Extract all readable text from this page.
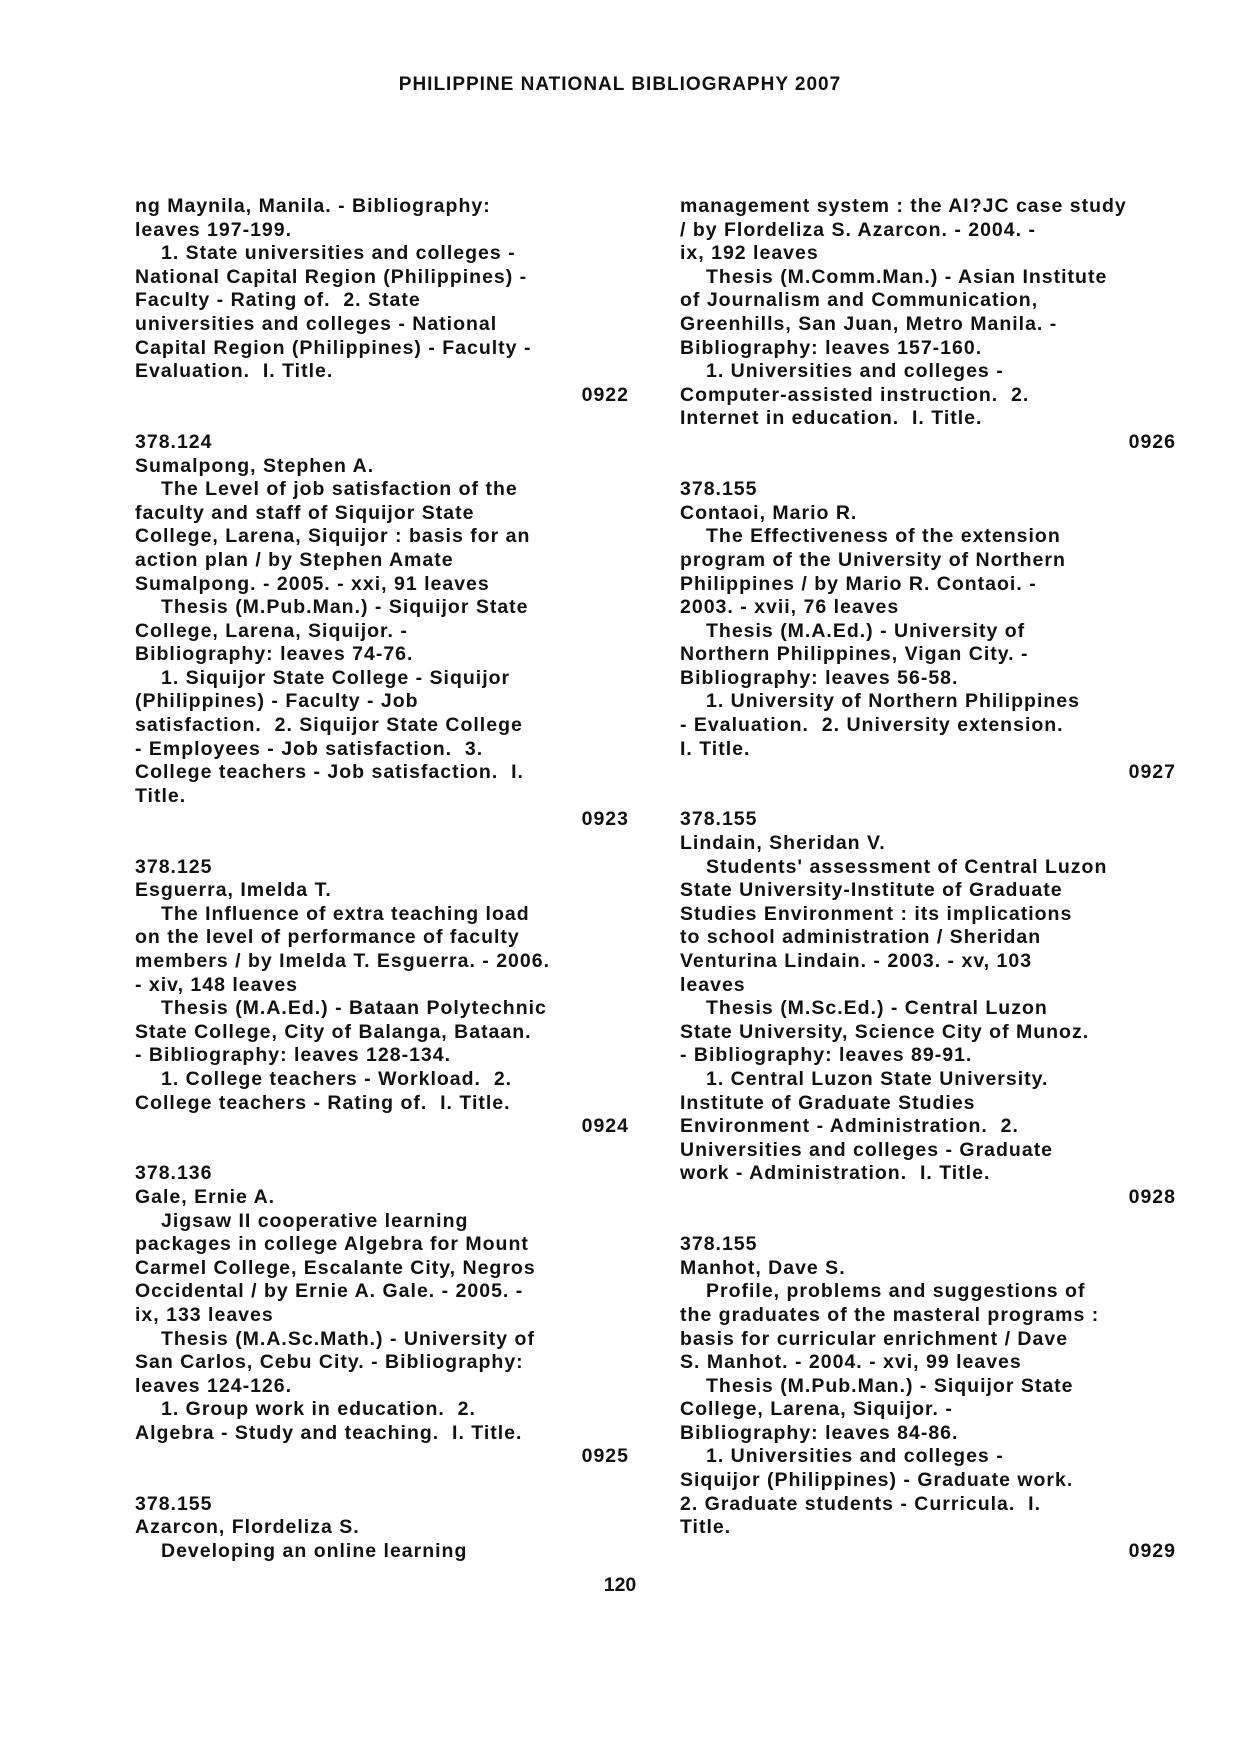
PHILIPPINE NATIONAL BIBLIOGRAPHY 2007
ng Maynila, Manila. - Bibliography:
leaves 197-199.
1. State universities and colleges -
National Capital Region (Philippines) -
Faculty - Rating of.  2. State
universities and colleges - National
Capital Region (Philippines) - Faculty -
Evaluation.  I. Title.
0922
378.124
Sumalpong, Stephen A.
The Level of job satisfaction of the
faculty and staff of Siquijor State
College, Larena, Siquijor : basis for an
action plan / by Stephen Amate
Sumalpong. - 2005. - xxi, 91 leaves
Thesis (M.Pub.Man.) - Siquijor State
College, Larena, Siquijor. -
Bibliography: leaves 74-76.
1. Siquijor State College - Siquijor
(Philippines) - Faculty - Job
satisfaction.  2. Siquijor State College
- Employees - Job satisfaction.  3.
College teachers - Job satisfaction.  I.
Title.
0923
378.125
Esguerra, Imelda T.
The Influence of extra teaching load
on the level of performance of faculty
members / by Imelda T. Esguerra. - 2006.
- xiv, 148 leaves
Thesis (M.A.Ed.) - Bataan Polytechnic
State College, City of Balanga, Bataan.
- Bibliography: leaves 128-134.
1. College teachers - Workload.  2.
College teachers - Rating of.  I. Title.
0924
378.136
Gale, Ernie A.
Jigsaw II cooperative learning
packages in college Algebra for Mount
Carmel College, Escalante City, Negros
Occidental / by Ernie A. Gale. - 2005. -
ix, 133 leaves
Thesis (M.A.Sc.Math.) - University of
San Carlos, Cebu City. - Bibliography:
leaves 124-126.
1. Group work in education.  2.
Algebra - Study and teaching.  I. Title.
0925
378.155
Azarcon, Flordeliza S.
Developing an online learning
management system : the AI?JC case study
/ by Flordeliza S. Azarcon. - 2004. -
ix, 192 leaves
Thesis (M.Comm.Man.) - Asian Institute
of Journalism and Communication,
Greenhills, San Juan, Metro Manila. -
Bibliography: leaves 157-160.
1. Universities and colleges -
Computer-assisted instruction.  2.
Internet in education.  I. Title.
0926
378.155
Contaoi, Mario R.
The Effectiveness of the extension
program of the University of Northern
Philippines / by Mario R. Contaoi. -
2003. - xvii, 76 leaves
Thesis (M.A.Ed.) - University of
Northern Philippines, Vigan City. -
Bibliography: leaves 56-58.
1. University of Northern Philippines
- Evaluation.  2. University extension.
I. Title.
0927
378.155
Lindain, Sheridan V.
Students' assessment of Central Luzon
State University-Institute of Graduate
Studies Environment : its implications
to school administration / Sheridan
Venturina Lindain. - 2003. - xv, 103
leaves
Thesis (M.Sc.Ed.) - Central Luzon
State University, Science City of Munoz.
- Bibliography: leaves 89-91.
1. Central Luzon State University.
Institute of Graduate Studies
Environment - Administration.  2.
Universities and colleges - Graduate
work - Administration.  I. Title.
0928
378.155
Manhot, Dave S.
Profile, problems and suggestions of
the graduates of the masteral programs :
basis for curricular enrichment / Dave
S. Manhot. - 2004. - xvi, 99 leaves
Thesis (M.Pub.Man.) - Siquijor State
College, Larena, Siquijor. -
Bibliography: leaves 84-86.
1. Universities and colleges -
Siquijor (Philippines) - Graduate work.
2. Graduate students - Curricula.  I.
Title.
0929
120
